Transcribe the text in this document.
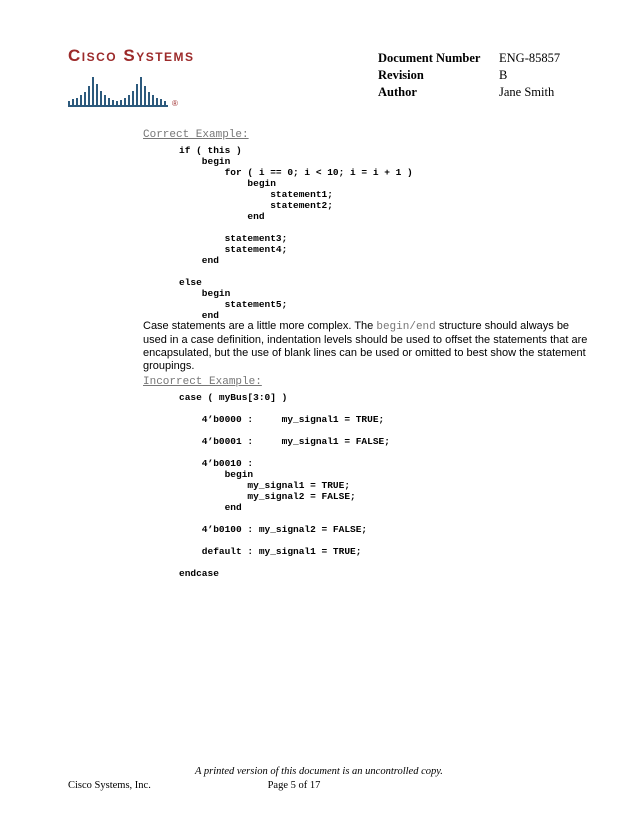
CISCO SYSTEMS
®
Document Number ENG-85857
Revision	B
Author	Jane Smith
Correct Example:
if ( this )
begin
for ( i == 0; i < 10; i = i + 1 )
begin
statement1;
statement2;
end

statement3;
statement4;
end

else
begin
statement5;
end
Case statements are a little more complex. The begin/end structure should always be used in a case definition, indentation levels should be used to offset the statements that are encapsulated, but the use of blank lines can be used or omitted to best show the statement groupings.
Incorrect Example:
case ( myBus[3:0] )

4’b0000 :     my_signal1 = TRUE;

4’b0001 :     my_signal1 = FALSE;

4’b0010 :
begin
my_signal1 = TRUE;
my_signal2 = FALSE;
end

4’b0100 : my_signal2 = FALSE;

default : my_signal1 = TRUE;

endcase
A printed version of this document is an uncontrolled copy.
Cisco Systems, Inc.	Page 5 of 17
